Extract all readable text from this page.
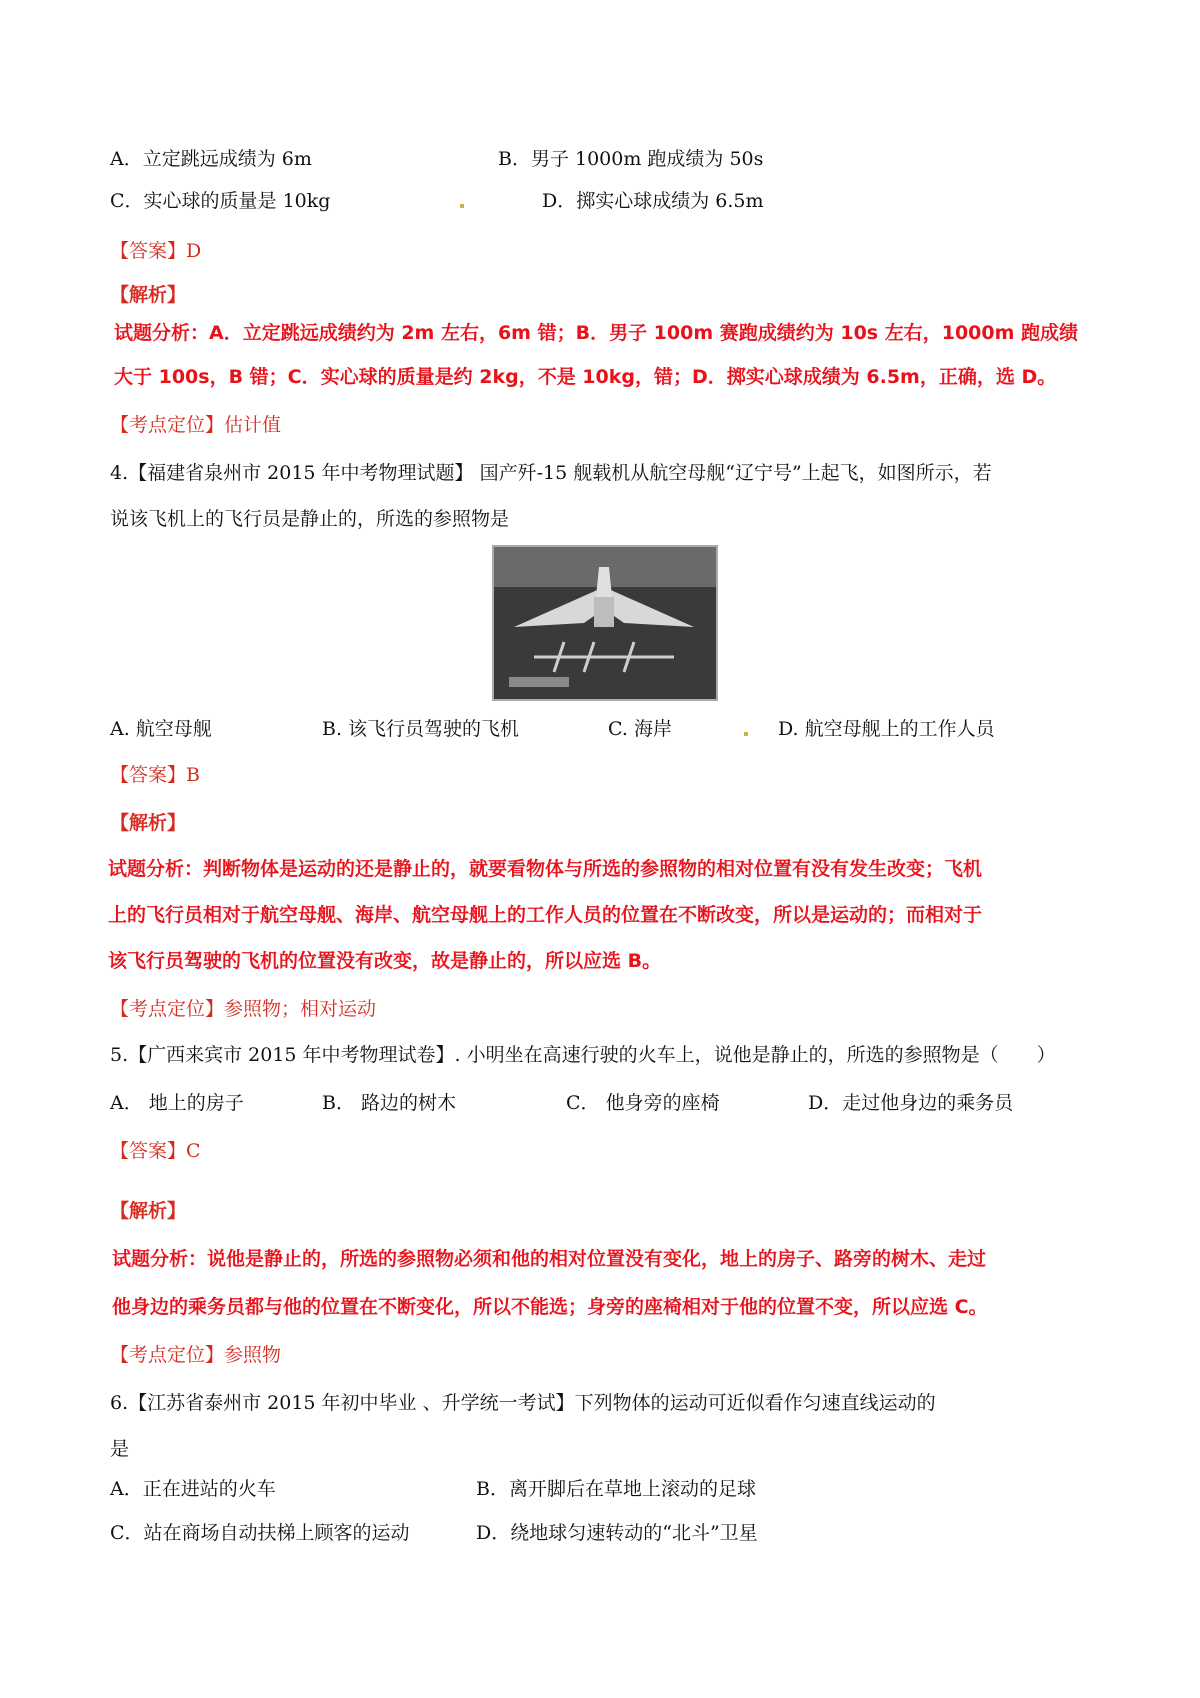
A．立定跳远成绩为 6m	B．男子 1000m 跑成绩为 50s
C．实心球的质量是 10kg	D．掷实心球成绩为 6.5m
【答案】D
【解析】
试题分析：A．立定跳远成绩约为 2m 左右，6m 错；B．男子 100m 赛跑成绩约为 10s 左右，1000m 跑成绩
大于 100s，B 错；C．实心球的质量是约 2kg，不是 10kg，错；D．掷实心球成绩为 6.5m，正确，选 D。
【考点定位】估计值
4.【福建省泉州市 2015 年中考物理试题】 国产歼-15 舰载机从航空母舰“辽宁号”上起飞，如图所示，若
说该飞机上的飞行员是静止的，所选的参照物是
A. 航空母舰	B. 该飞行员驾驶的飞机	C. 海岸	D. 航空母舰上的工作人员
【答案】B
【解析】
试题分析：判断物体是运动的还是静止的，就要看物体与所选的参照物的相对位置有没有发生改变；飞机
上的飞行员相对于航空母舰、海岸、航空母舰上的工作人员的位置在不断改变，所以是运动的；而相对于
该飞行员驾驶的飞机的位置没有改变，故是静止的，所以应选 B。
【考点定位】参照物；相对运动
5.【广西来宾市 2015 年中考物理试卷】. 小明坐在高速行驶的火车上，说他是静止的，所选的参照物是（　　）
A． 地上的房子	B． 路边的树木	C． 他身旁的座椅	D．走过他身边的乘务员
【答案】C
【解析】
试题分析：说他是静止的，所选的参照物必须和他的相对位置没有变化，地上的房子、路旁的树木、走过
他身边的乘务员都与他的位置在不断变化，所以不能选；身旁的座椅相对于他的位置不变，所以应选 C。
【考点定位】参照物
6.【江苏省泰州市 2015 年初中毕业 、升学统一考试】下列物体的运动可近似看作匀速直线运动的
是
A．正在进站的火车	B．离开脚后在草地上滚动的足球
C．站在商场自动扶梯上顾客的运动	D．绕地球匀速转动的“北斗”卫星
